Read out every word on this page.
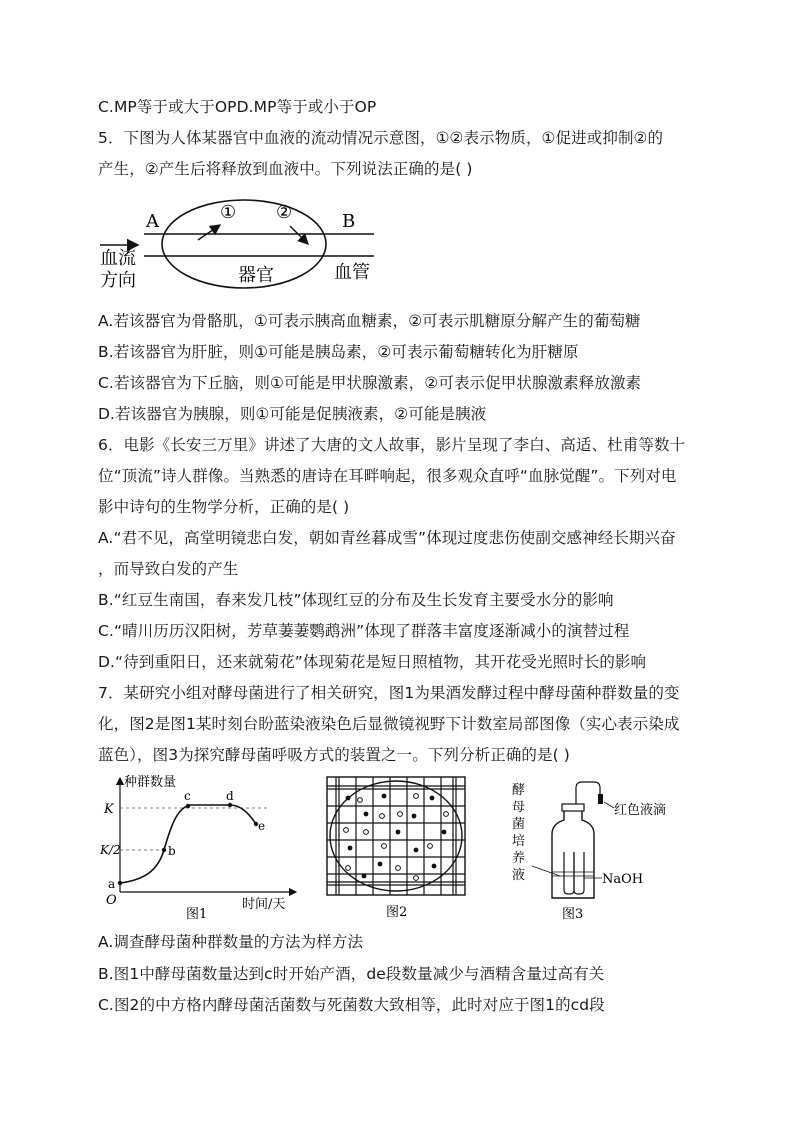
C.MP等于或大于OPD.MP等于或小于OP
5．下图为人体某器官中血液的流动情况示意图，①②表示物质，①促进或抑制②的
产生，②产生后将释放到血液中。下列说法正确的是( )
A	B
① ②
血流
方向	器官	血管
A.若该器官为骨骼肌，①可表示胰高血糖素，②可表示肌糖原分解产生的葡萄糖
B.若该器官为肝脏，则①可能是胰岛素，②可表示葡萄糖转化为肝糖原
C.若该器官为下丘脑，则①可能是甲状腺激素，②可表示促甲状腺激素释放激素
D.若该器官为胰腺，则①可能是促胰液素，②可能是胰液
6．电影《长安三万里》讲述了大唐的文人故事，影片呈现了李白、高适、杜甫等数十
位“顶流”诗人群像。当熟悉的唐诗在耳畔响起，很多观众直呼“血脉觉醒”。下列对电
影中诗句的生物学分析，正确的是( )
A.“君不见，高堂明镜悲白发，朝如青丝暮成雪”体现过度悲伤使副交感神经长期兴奋
，而导致白发的产生
B.“红豆生南国，春来发几枝”体现红豆的分布及生长发育主要受水分的影响
C.“晴川历历汉阳树，芳草萋萋鹦鹉洲”体现了群落丰富度逐渐减小的演替过程
D.“待到重阳日，还来就菊花”体现菊花是短日照植物，其开花受光照时长的影响
7．某研究小组对酵母菌进行了相关研究，图1为果酒发酵过程中酵母菌种群数量的变
化，图2是图1某时刻台盼蓝染液染色后显微镜视野下计数室局部图像（实心表示染成
蓝色），图3为探究酵母菌呼吸方式的装置之一。下列分析正确的是( )
种群数量
时间/天
K
K/2
O
a
b
c	d
e
图1	图2
酵
母
菌
培
养
液
红色液滴
NaOH
图3
A.调查酵母菌种群数量的方法为样方法
B.图1中酵母菌数量达到c时开始产酒，de段数量减少与酒精含量过高有关
C.图2的中方格内酵母菌活菌数与死菌数大致相等，此时对应于图1的cd段
